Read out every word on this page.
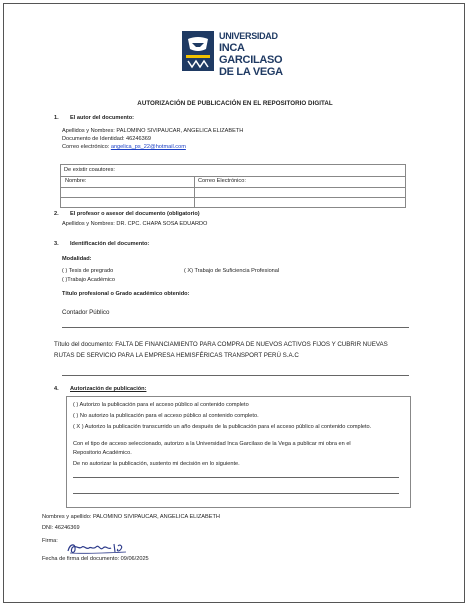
UNIVERSIDAD
INCA GARCILASO
DE LA VEGA
AUTORIZACIÓN DE PUBLICACIÓN EN EL REPOSITORIO DIGITAL
1. El autor del documento:
Apellidos y Nombres: PALOMINO SIVIPAUCAR, ANGELICA ELIZABETH
Documento de Identidad: 46246369
Correo electrónico: angelica_ps_22@hotmail.com
De existir coautores:
Nombre:	Correo Electrónico:
2. El profesor o asesor del documento (obligatorio)
Apellidos y Nombres: DR. CPC. CHAPA SOSA EDUARDO
3. Identificación del documento:
Modalidad:
( ) Tesis de pregrado	( X) Trabajo de Suficiencia Profesional
( )Trabajo Académico
Título profesional o Grado académico obtenido:
Contador Público
Título del documento: FALTA DE FINANCIAMIENTO PARA COMPRA DE NUEVOS ACTIVOS FIJOS Y CUBRIR NUEVAS
RUTAS DE SERVICIO PARA LA EMPRESA HEMISFÉRICAS TRANSPORT PERÚ S.A.C
4. Autorización de publicación:
( ) Autorizo la publicación para el acceso público al contenido completo
( ) No autorizo la publicación para el acceso público al contenido completo.
( X ) Autorizo la publicación transcurrido un año después de la publicación para el acceso público al contenido completo.
Con el tipo de acceso seleccionado, autorizo a la Universidad Inca Garcilaso de la Vega a publicar mi obra en el
Repositorio Académico.
De no autorizar la publicación, sustento mi decisión en lo siguiente.
Nombres y apellido: PALOMINO SIVIPAUCAR, ANGELICA ELIZABETH
DNI: 46246369
Firma:
Fecha de firma del documento: 09/06/2025
